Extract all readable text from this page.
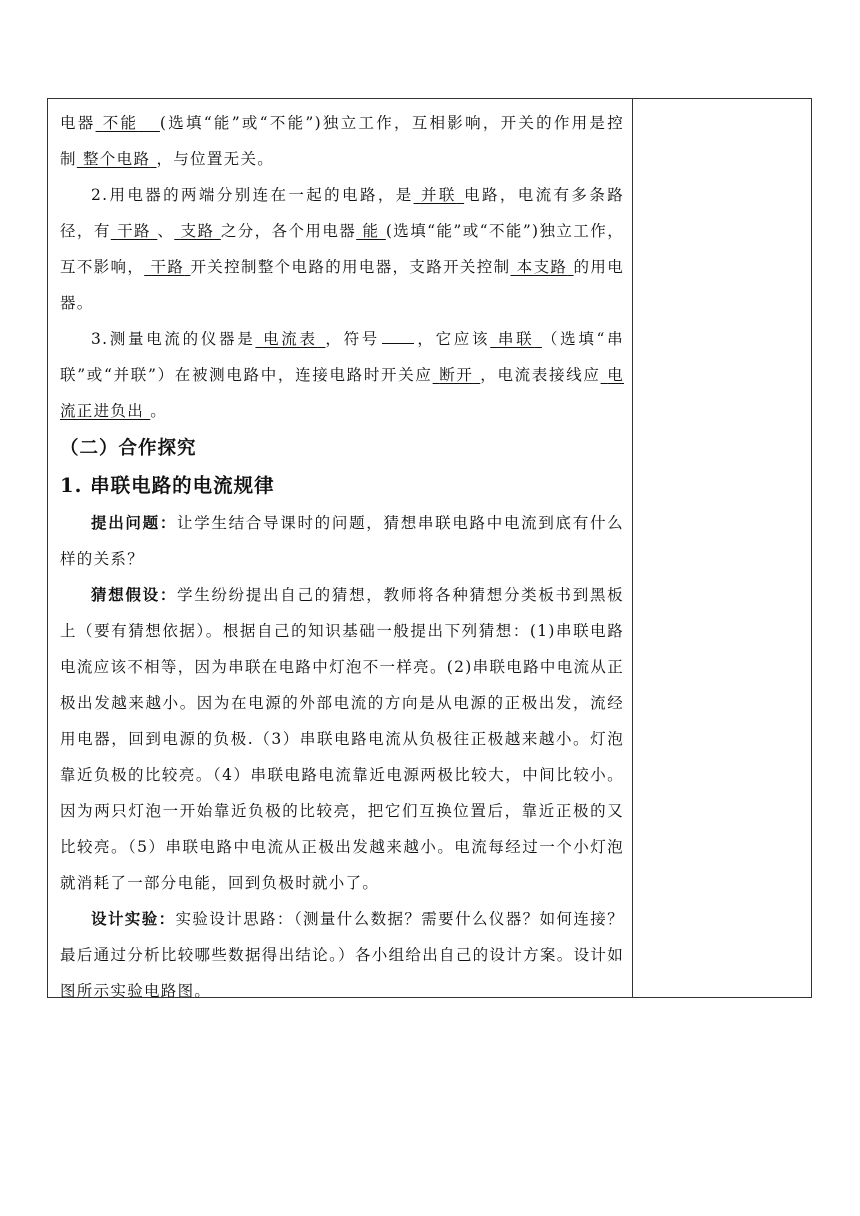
电器 不能 (选填“能”或“不能”)独立工作，互相影响，开关的作用是控制 整个电路 ，与位置无关。

2.用电器的两端分别连在一起的电路，是 并联 电路，电流有多条路径，有 干路 、 支路 之分，各个用电器 能 (选填“能”或“不能”)独立工作，互不影响， 干路 开关控制整个电路的用电器，支路开关控制 本支路 的用电器。

3.测量电流的仪器是 电流表 ，符号 ，它应该 串联 （选填“串联”或“并联”）在被测电路中，连接电路时开关应 断开 ，电流表接线应 电流正进负出 。

（二）合作探究
1. 串联电路的电流规律

提出问题：让学生结合导课时的问题，猜想串联电路中电流到底有什么样的关系？

猜想假设：学生纷纷提出自己的猜想，教师将各种猜想分类板书到黑板上（要有猜想依据）。根据自己的知识基础一般提出下列猜想：(1)串联电路电流应该不相等，因为串联在电路中灯泡不一样亮。(2)串联电路中电流从正极出发越来越小。因为在电源的外部电流的方向是从电源的正极出发，流经用电器，回到电源的负极.（3）串联电路电流从负极往正极越来越小。灯泡靠近负极的比较亮。（4）串联电路电流靠近电源两极比较大，中间比较小。因为两只灯泡一开始靠近负极的比较亮，把它们互换位置后，靠近正极的又比较亮。（5）串联电路中电流从正极出发越来越小。电流每经过一个小灯泡就消耗了一部分电能，回到负极时就小了。

设计实验：实验设计思路：（测量什么数据？需要什么仪器？如何连接？最后通过分析比较哪些数据得出结论。）各小组给出自己的设计方案。设计如图所示实验电路图。
